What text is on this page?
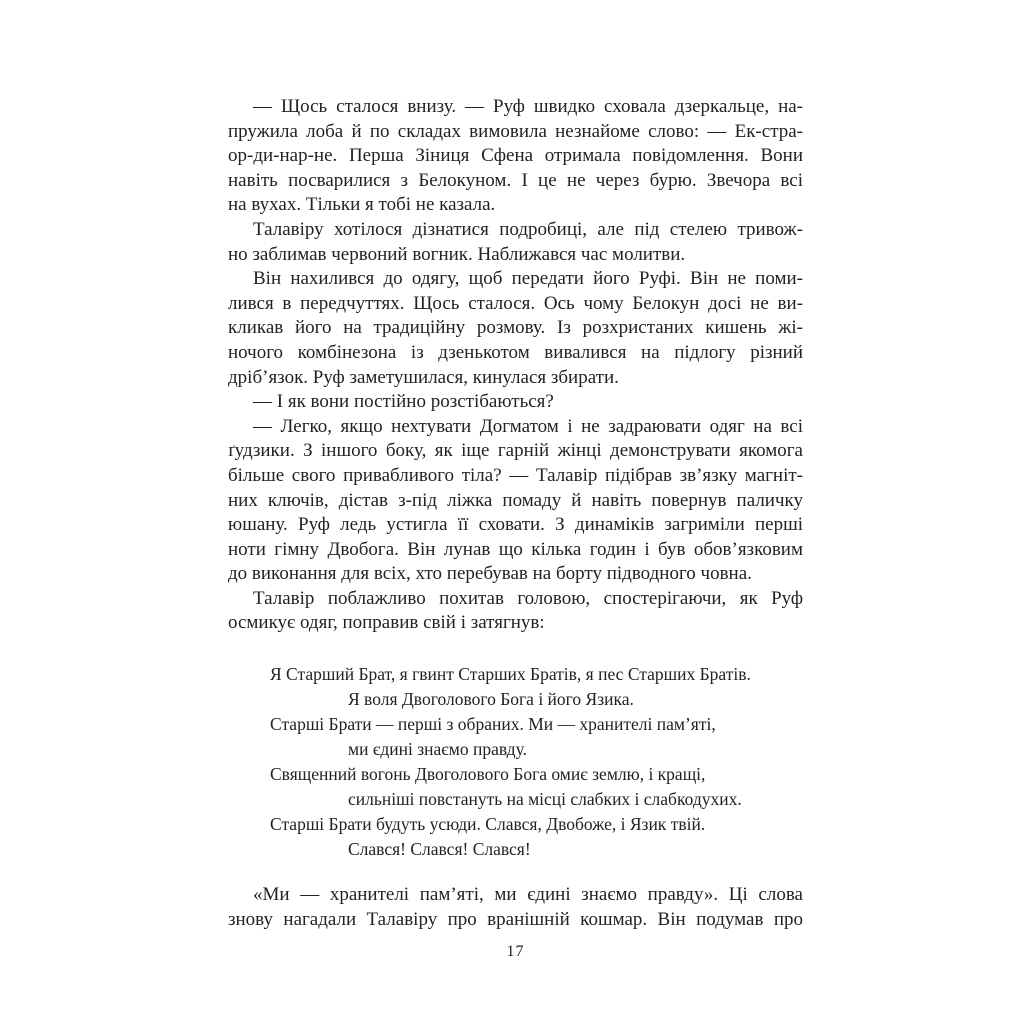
— Щось сталося внизу. — Руф швидко сховала дзеркальце, на-
пружила лоба й по складах вимовила незнайоме слово: — Ек-стра-
ор-ди-нар-не. Перша Зіниця Сфена отримала повідомлення. Вони
навіть посварилися з Белокуном. І це не через бурю. Звечора всі
на вухах. Тільки я тобі не казала.
Талавіру хотілося дізнатися подробиці, але під стелею тривож-
но заблимав червоний вогник. Наближався час молитви.
Він нахилився до одягу, щоб передати його Руфі. Він не поми-
лився в передчуттях. Щось сталося. Ось чому Белокун досі не ви-
кликав його на традиційну розмову. Із розхристаних кишень жі-
ночого комбінезона із дзенькотом вивалився на підлогу різний
дріб’язок. Руф заметушилася, кинулася збирати.
— І як вони постійно розстібаються?
— Легко, якщо нехтувати Догматом і не задраювати одяг на всі
ґудзики. З іншого боку, як іще гарній жінці демонструвати якомога
більше свого привабливого тіла? — Талавір підібрав зв’язку магніт-
них ключів, дістав з-під ліжка помаду й навіть повернув паличку
юшану. Руф ледь устигла її сховати. З динаміків загриміли перші
ноти гімну Двобога. Він лунав що кілька годин і був обов’язковим
до виконання для всіх, хто перебував на борту підводного човна.
Талавір поблажливо похитав головою, спостерігаючи, як Руф
осмикує одяг, поправив свій і затягнув:
Я Старший Брат, я гвинт Старших Братів, я пес Старших Братів.
Я воля Двоголового Бога і його Язика.
Старші Брати — перші з обраних. Ми — хранителі пам’яті,
ми єдині знаємо правду.
Священний вогонь Двоголового Бога омиє землю, і кращі,
сильніші повстануть на місці слабких і слабкодухих.
Старші Брати будуть усюди. Слався, Двобоже, і Язик твій.
Слався! Слався! Слався!
«Ми — хранителі пам’яті, ми єдині знаємо правду». Ці слова
знову нагадали Талавіру про вранішній кошмар. Він подумав про
17
